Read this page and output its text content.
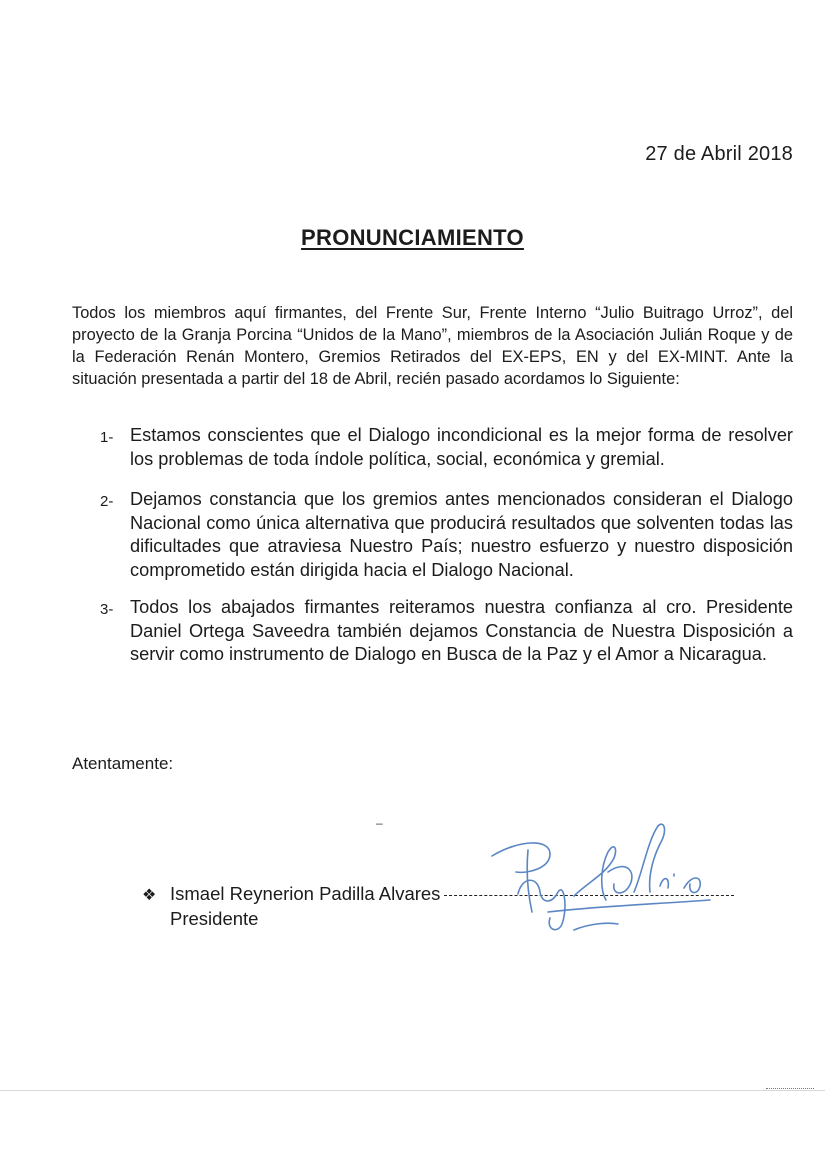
27 de Abril 2018
PRONUNCIAMIENTO

Todos los miembros aquí firmantes, del Frente Sur, Frente Interno “Julio Buitrago Urroz”, del proyecto de la Granja Porcina “Unidos de la Mano”, miembros de la Asociación Julián Roque y de la Federación Renán Montero, Gremios Retirados del EX-EPS, EN y del EX-MINT. Ante la situación presentada a partir del 18 de Abril, recién pasado acordamos lo Siguiente:

1- Estamos conscientes que el Dialogo incondicional es la mejor forma de resolver los problemas de toda índole política, social, económica y gremial.
2- Dejamos constancia que los gremios antes mencionados consideran el Dialogo Nacional como única alternativa que producirá resultados que solventen todas las dificultades que atraviesa Nuestro País; nuestro esfuerzo y nuestro disposición comprometido están dirigida hacia el Dialogo Nacional.
3- Todos los abajados firmantes reiteramos nuestra confianza al cro. Presidente Daniel Ortega Saveedra también dejamos Constancia de Nuestra Disposición a servir como instrumento de Dialogo en Busca de la Paz y el Amor a Nicaragua.
Atentamente:
–
❖ Ismael Reynerion Padilla Alvares
Presidente
